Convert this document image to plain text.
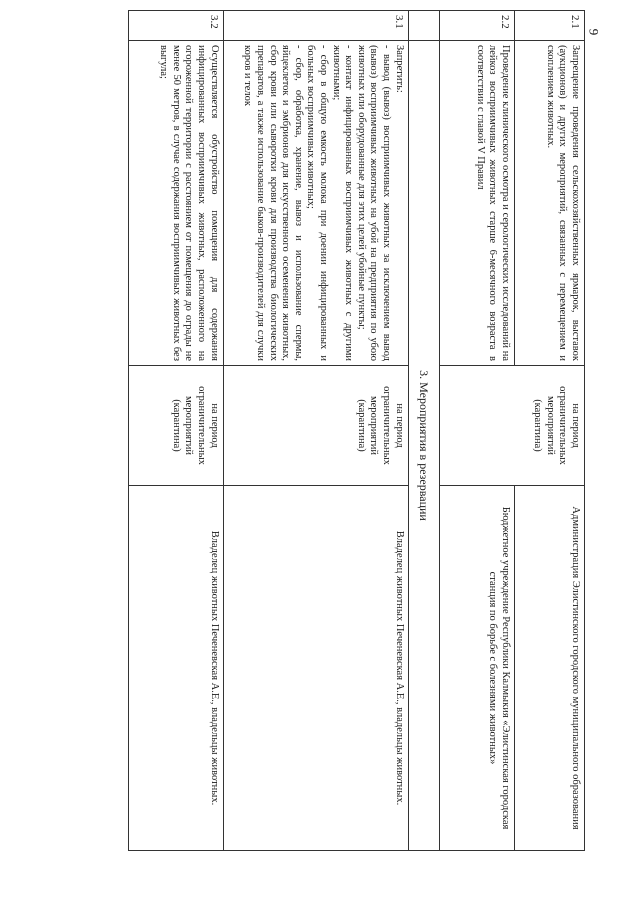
9
2.1	Запрещение проведения сельскохозяйственных ярмарок, выставок (аукционов) и других мероприятий, связанных с перемещением и скоплением животных.	на период ограничительных мероприятий (карантина)	Администрация Элистинского городского муниципального образования
2.2	Проведение клинического осмотра и серологических исследований на лейкоз восприимчивых животных старше 6-месячного возраста в соответствии с главой V Правил		Бюджетное учреждение Республики Калмыкия «Элистинская городская станция по борьбе с болезнями животных»
	3. Мероприятия в резервации		
3.1	Запретить:
- вывод (вывоз) восприимчивых животных за исключением вывод (вывоз) восприимчивых животных на убой на предприятия по убою животных или оборудованные для этих целей убойные пункты;
- контакт инфицированных восприимчивых животных с другими животными;
- сбор в общую емкость молока при доении инфицированных и больных восприимчивых животных;
- сбор, обработка, хранение, вывоз и использование спермы, яйцеклеток и эмбрионов для искусственного осеменения животных, сбор крови или сыворотки крови для производства биологических препаратов, а также использование быков-производителей для случки коров и телок	на период ограничительных мероприятий (карантина)	Владелец животных Печеневская А.Е., владельцы животных.
3.2	Осуществляется обустройство помещения для содержания инфицированных восприимчивых животных, расположенного на огороженной территории с расстоянием от помещения до ограды не менее 50 метров, в случае содержания восприимчивых животных без выгула;	на период ограничительных мероприятий (карантина)	Владелец животных Печеневская А.Е., владельцы животных.
